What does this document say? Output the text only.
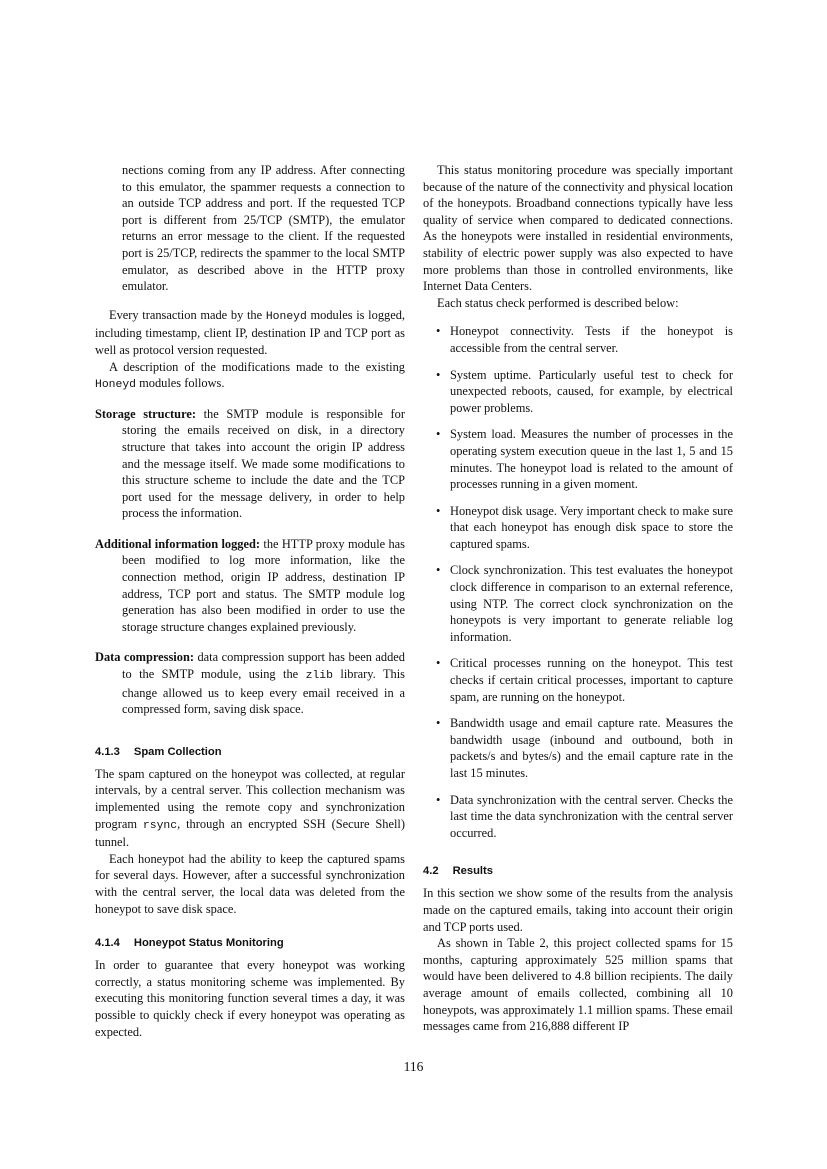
nections coming from any IP address. After connecting to this emulator, the spammer requests a connection to an outside TCP address and port. If the requested TCP port is different from 25/TCP (SMTP), the emulator returns an error message to the client. If the requested port is 25/TCP, redirects the spammer to the local SMTP emulator, as described above in the HTTP proxy emulator.

Every transaction made by the Honeyd modules is logged, including timestamp, client IP, destination IP and TCP port as well as protocol version requested.

A description of the modifications made to the existing Honeyd modules follows.

Storage structure: the SMTP module is responsible for storing the emails received on disk, in a directory structure that takes into account the origin IP address and the message itself. We made some modifications to this structure scheme to include the date and the TCP port used for the message delivery, in order to help process the information.

Additional information logged: the HTTP proxy module has been modified to log more information, like the connection method, origin IP address, destination IP address, TCP port and status. The SMTP module log generation has also been modified in order to use the storage structure changes explained previously.

Data compression: data compression support has been added to the SMTP module, using the zlib library. This change allowed us to keep every email received in a compressed form, saving disk space.

4.1.3 Spam Collection

The spam captured on the honeypot was collected, at regular intervals, by a central server. This collection mechanism was implemented using the remote copy and synchronization program rsync, through an encrypted SSH (Secure Shell) tunnel.

Each honeypot had the ability to keep the captured spams for several days. However, after a successful synchronization with the central server, the local data was deleted from the honeypot to save disk space.

4.1.4 Honeypot Status Monitoring

In order to guarantee that every honeypot was working correctly, a status monitoring scheme was implemented. By executing this monitoring function several times a day, it was possible to quickly check if every honeypot was operating as expected.

This status monitoring procedure was specially important because of the nature of the connectivity and physical location of the honeypots. Broadband connections typically have less quality of service when compared to dedicated connections. As the honeypots were installed in residential environments, stability of electric power supply was also expected to have more problems than those in controlled environments, like Internet Data Centers.

Each status check performed is described below:

• Honeypot connectivity. Tests if the honeypot is accessible from the central server.
• System uptime. Particularly useful test to check for unexpected reboots, caused, for example, by electrical power problems.
• System load. Measures the number of processes in the operating system execution queue in the last 1, 5 and 15 minutes. The honeypot load is related to the amount of processes running in a given moment.
• Honeypot disk usage. Very important check to make sure that each honeypot has enough disk space to store the captured spams.
• Clock synchronization. This test evaluates the honeypot clock difference in comparison to an external reference, using NTP. The correct clock synchronization on the honeypots is very important to generate reliable log information.
• Critical processes running on the honeypot. This test checks if certain critical processes, important to capture spam, are running on the honeypot.
• Bandwidth usage and email capture rate. Measures the bandwidth usage (inbound and outbound, both in packets/s and bytes/s) and the email capture rate in the last 15 minutes.
• Data synchronization with the central server. Checks the last time the data synchronization with the central server occurred.
4.2 Results

In this section we show some of the results from the analysis made on the captured emails, taking into account their origin and TCP ports used.

As shown in Table 2, this project collected spams for 15 months, capturing approximately 525 million spams that would have been delivered to 4.8 billion recipients. The daily average amount of emails collected, combining all 10 honeypots, was approximately 1.1 million spams. These email messages came from 216,888 different IP

116
